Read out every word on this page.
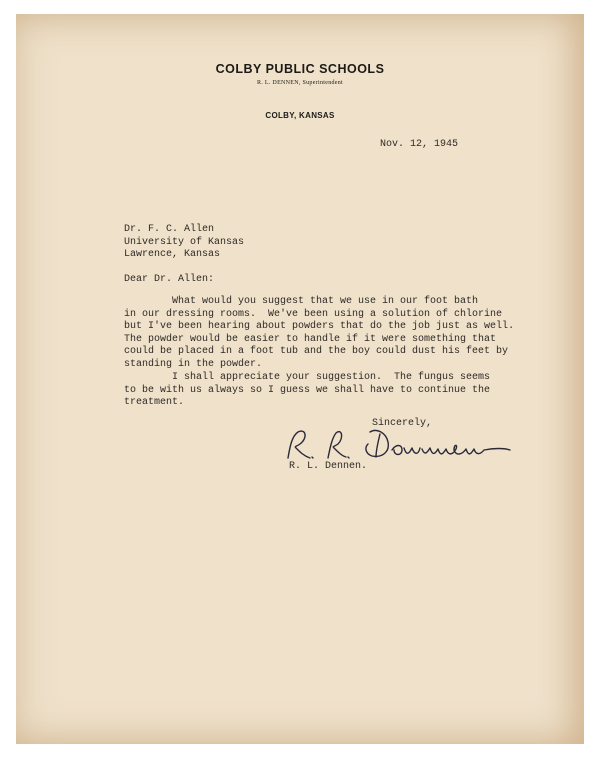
COLBY PUBLIC SCHOOLS
R. L. DENNEN, Superintendent
COLBY, KANSAS
Nov. 12, 1945
Dr. F. C. Allen
University of Kansas
Lawrence, Kansas
Dear Dr. Allen:
What would you suggest that we use in our foot bath
in our dressing rooms.  We've been using a solution of chlorine
but I've been hearing about powders that do the job just as well.
The powder would be easier to handle if it were something that
could be placed in a foot tub and the boy could dust his feet by
standing in the powder.
I shall appreciate your suggestion.  The fungus seems
to be with us always so I guess we shall have to continue the
treatment.
Sincerely,
R. L. Dennen.
